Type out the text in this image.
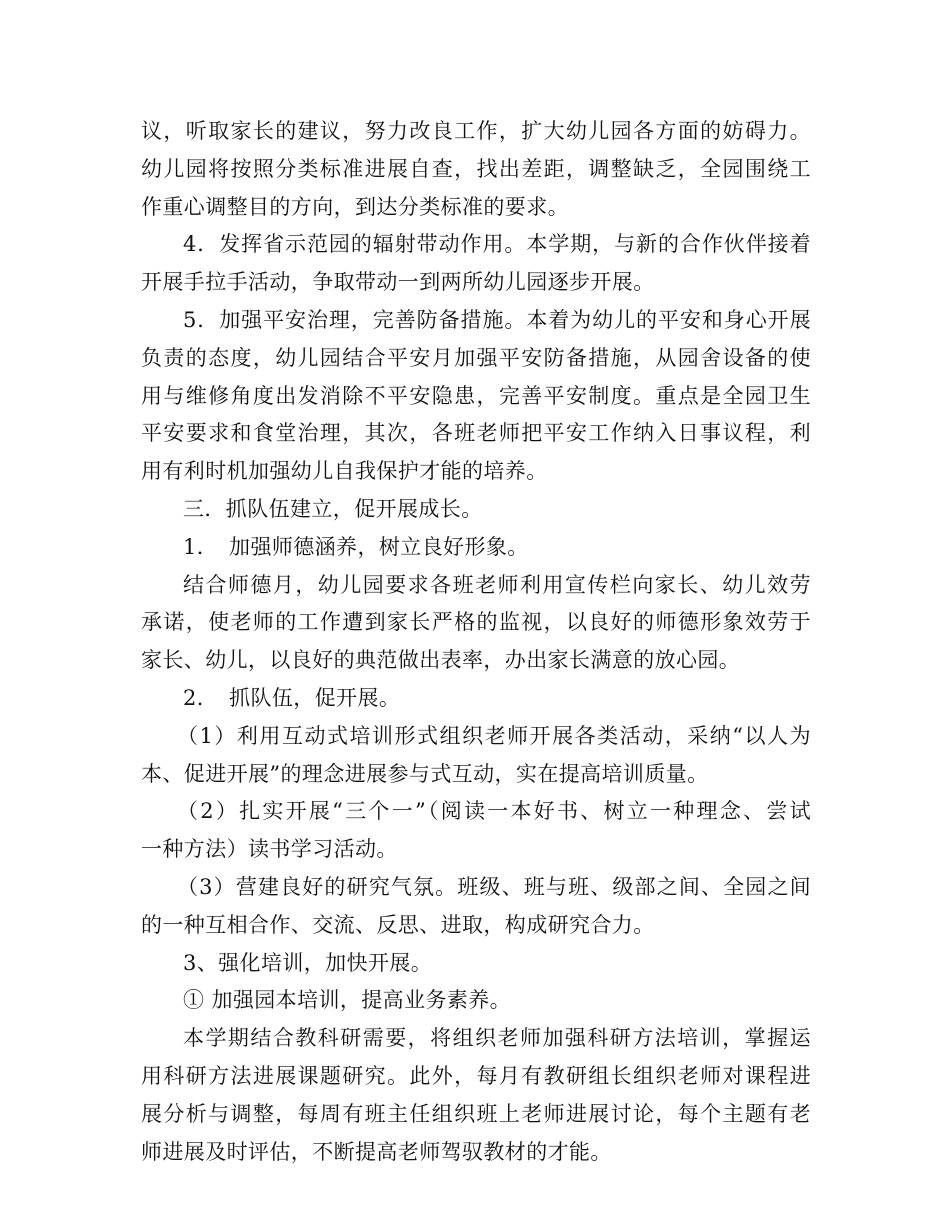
议，听取家长的建议，努力改良工作，扩大幼儿园各方面的妨碍力。
幼儿园将按照分类标准进展自查，找出差距，调整缺乏，全园围绕工
作重心调整目的方向，到达分类标准的要求。
4．发挥省示范园的辐射带动作用。本学期，与新的合作伙伴接着
开展手拉手活动，争取带动一到两所幼儿园逐步开展。
5．加强平安治理，完善防备措施。本着为幼儿的平安和身心开展
负责的态度，幼儿园结合平安月加强平安防备措施，从园舍设备的使
用与维修角度出发消除不平安隐患，完善平安制度。重点是全园卫生
平安要求和食堂治理，其次，各班老师把平安工作纳入日事议程，利
用有利时机加强幼儿自我保护才能的培养。
三．抓队伍建立，促开展成长。
1．　加强师德涵养，树立良好形象。
结合师德月，幼儿园要求各班老师利用宣传栏向家长、幼儿效劳
承诺，使老师的工作遭到家长严格的监视，以良好的师德形象效劳于
家长、幼儿，以良好的典范做出表率，办出家长满意的放心园。
2．　抓队伍，促开展。
（1）利用互动式培训形式组织老师开展各类活动，采纳“以人为
本、促进开展”的理念进展参与式互动，实在提高培训质量。
（2）扎实开展“三个一”（阅读一本好书、树立一种理念、尝试
一种方法）读书学习活动。
（3）营建良好的研究气氛。班级、班与班、级部之间、全园之间
的一种互相合作、交流、反思、进取，构成研究合力。
3、强化培训，加快开展。
① 加强园本培训，提高业务素养。
本学期结合教科研需要，将组织老师加强科研方法培训，掌握运
用科研方法进展课题研究。此外，每月有教研组长组织老师对课程进
展分析与调整，每周有班主任组织班上老师进展讨论，每个主题有老
师进展及时评估，不断提高老师驾驭教材的才能。
